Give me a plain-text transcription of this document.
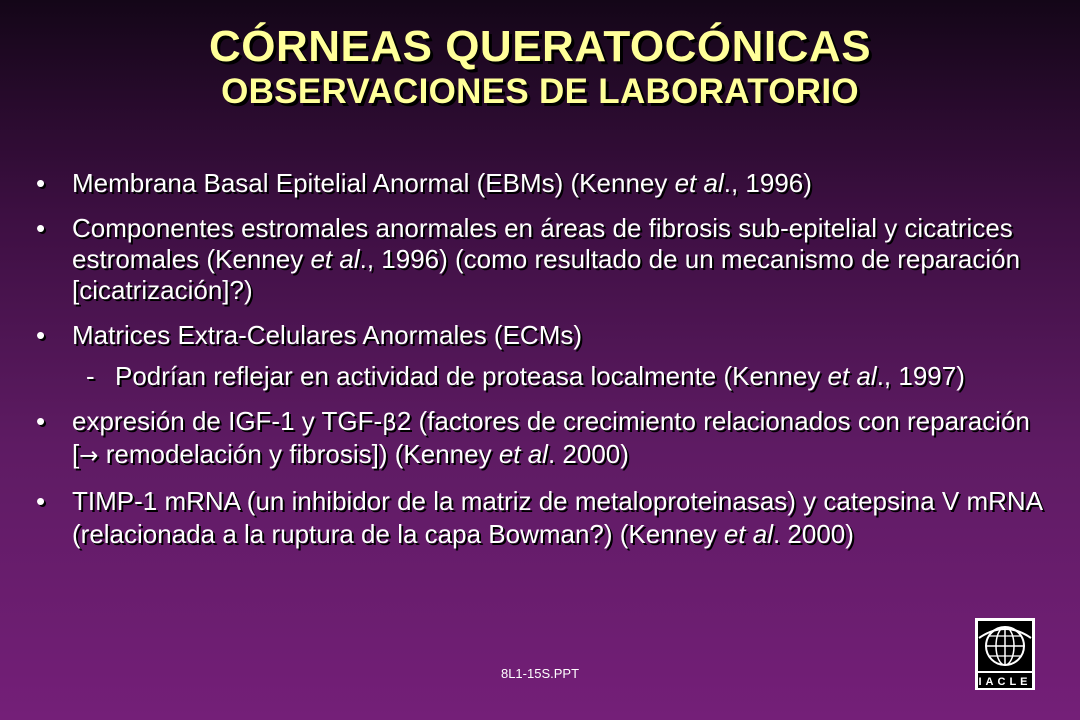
CÓRNEAS QUERATOCÓNICAS
OBSERVACIONES DE LABORATORIO
• Membrana Basal Epitelial Anormal (EBMs) (Kenney et al., 1996)
• Componentes estromales anormales en áreas de fibrosis sub-epitelial y cicatrices estromales (Kenney et al., 1996) (como resultado de un mecanismo de reparación [cicatrización]?)
• Matrices Extra-Celulares Anormales (ECMs)
- Podrían reflejar en actividad de proteasa localmente (Kenney et al., 1997)
• expresión de IGF-1 y TGF-β2 (factores de crecimiento relacionados con reparación [→ remodelación y fibrosis]) (Kenney et al. 2000)
• TIMP-1 mRNA (un inhibidor de la matriz de metaloproteinasas) y catepsina V mRNA (relacionada a la ruptura de la capa Bowman?) (Kenney et al. 2000)
8L1-15S.PPT
IACLE
